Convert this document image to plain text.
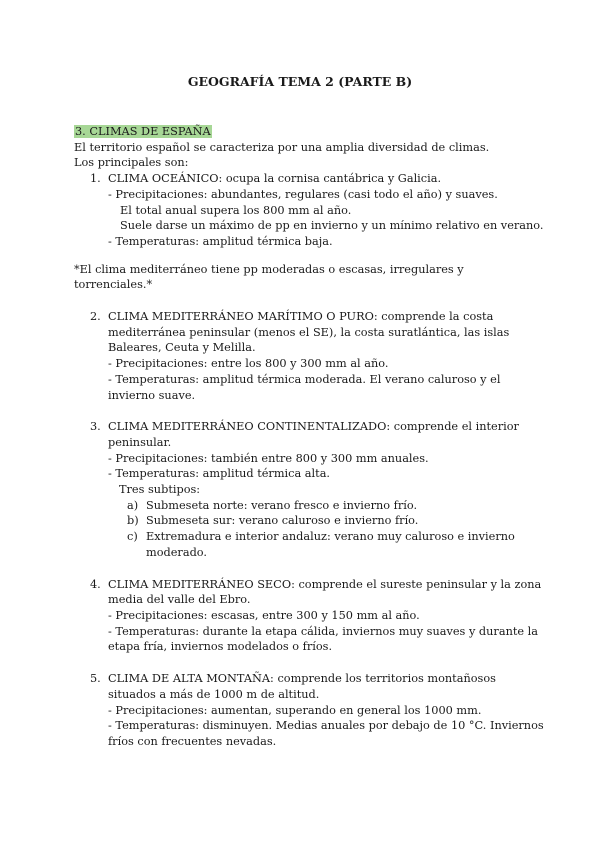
GEOGRAFÍA TEMA 2 (PARTE B)

3. CLIMAS DE ESPAÑA

El territorio español se caracteriza por una amplia diversidad de climas.

Los principales son:

1. CLIMA OCEÁNICO: ocupa la cornisa cantábrica y Galicia.

- Precipitaciones: abundantes, regulares (casi todo el año) y suaves.

El total anual supera los 800 mm al año.

Suele darse un máximo de pp en invierno y un mínimo relativo en verano.

- Temperaturas: amplitud térmica baja.

*El clima mediterráneo tiene pp moderadas o escasas, irregulares y torrenciales.*

2. CLIMA MEDITERRÁNEO MARÍTIMO O PURO: comprende la costa mediterránea peninsular (menos el SE), la costa suratlántica, las islas Baleares, Ceuta y Melilla.

- Precipitaciones: entre los 800 y 300 mm al año.

- Temperaturas: amplitud térmica moderada. El verano caluroso y el invierno suave.

3. CLIMA MEDITERRÁNEO CONTINENTALIZADO: comprende el interior peninsular.

- Precipitaciones: también entre 800 y 300 mm anuales.

- Temperaturas: amplitud térmica alta.

Tres subtipos:

a) Submeseta norte: verano fresco e invierno frío.

b) Submeseta sur: verano caluroso e invierno frío.

c) Extremadura e interior andaluz: verano muy caluroso e invierno moderado.

4. CLIMA MEDITERRÁNEO SECO: comprende el sureste peninsular y la zona media del valle del Ebro.

- Precipitaciones: escasas, entre 300 y 150 mm al año.

- Temperaturas: durante la etapa cálida, inviernos muy suaves y durante la etapa fría, inviernos modelados o fríos.

5. CLIMA DE ALTA MONTAÑA: comprende los territorios montañosos situados a más de 1000 m de altitud.

- Precipitaciones: aumentan, superando en general los 1000 mm.

- Temperaturas: disminuyen. Medias anuales por debajo de 10 °C. Inviernos fríos con frecuentes nevadas.
